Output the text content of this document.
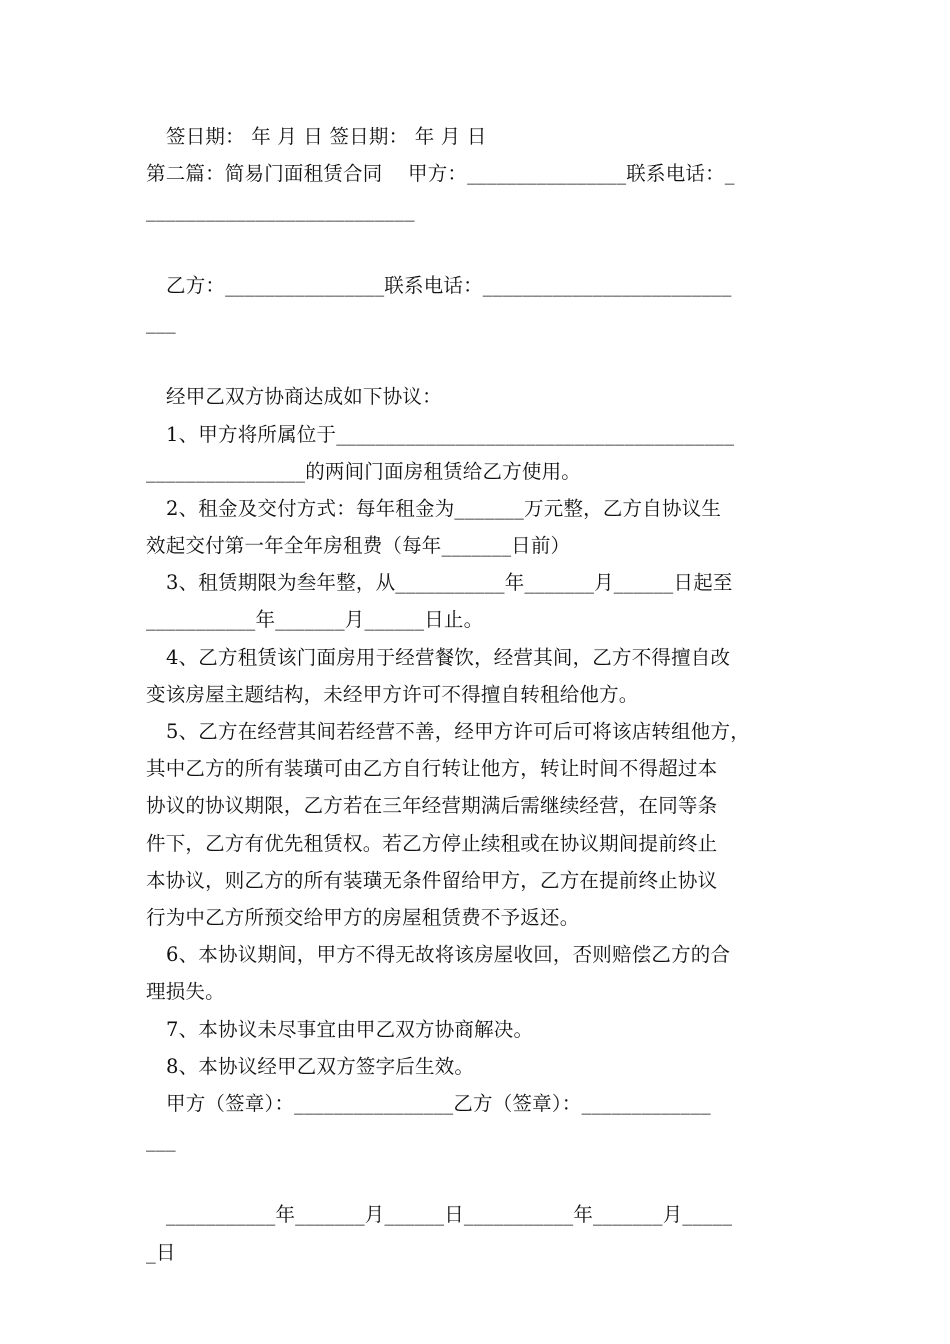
签日期： 年 月 日 签日期： 年 月 日
第二篇：简易门面租赁合同    甲方：________________联系电话：_
___________________________
乙方：________________联系电话：_________________________
___
经甲乙双方协商达成如下协议：
1、甲方将所属位于________________________________________
________________的两间门面房租赁给乙方使用。
2、租金及交付方式：每年租金为_______万元整，乙方自协议生
效起交付第一年全年房租费（每年_______日前）
3、租赁期限为叁年整，从___________年_______月______日起至
___________年_______月______日止。
4、乙方租赁该门面房用于经营餐饮，经营其间，乙方不得擅自改
变该房屋主题结构，未经甲方许可不得擅自转租给他方。
5、乙方在经营其间若经营不善，经甲方许可后可将该店转组他方，
其中乙方的所有装璜可由乙方自行转让他方，转让时间不得超过本
协议的协议期限，乙方若在三年经营期满后需继续经营，在同等条
件下，乙方有优先租赁权。若乙方停止续租或在协议期间提前终止
本协议，则乙方的所有装璜无条件留给甲方，乙方在提前终止协议
行为中乙方所预交给甲方的房屋租赁费不予返还。
6、本协议期间，甲方不得无故将该房屋收回，否则赔偿乙方的合
理损失。
7、本协议未尽事宜由甲乙双方协商解决。
8、本协议经甲乙双方签字后生效。
甲方（签章）：________________乙方（签章）：_____________
___
___________年_______月______日___________年_______月_____
_日
